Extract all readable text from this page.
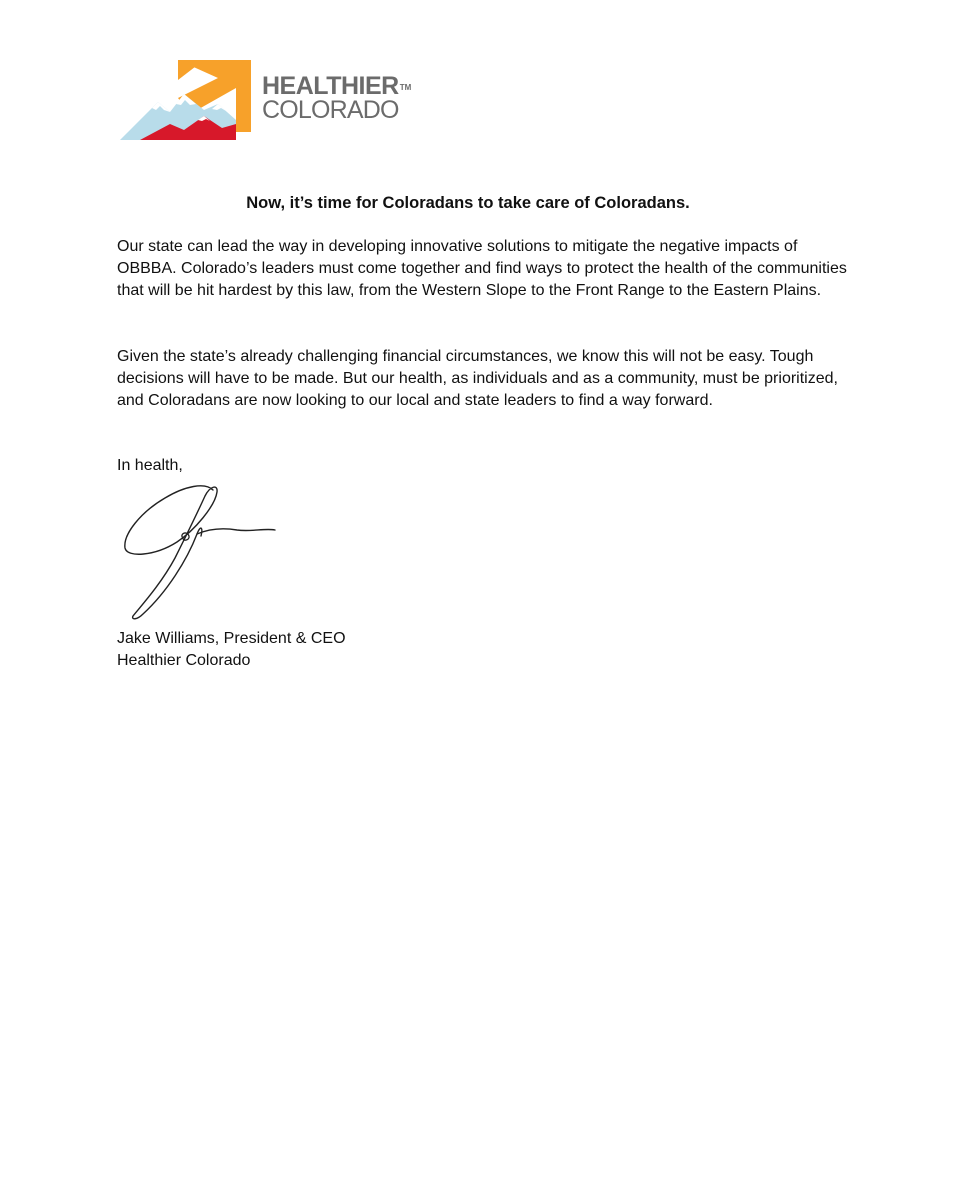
HEALTHIER™
COLORADO

Now, it’s time for Coloradans to take care of Coloradans.

Our state can lead the way in developing innovative solutions to mitigate the negative impacts of OBBBA. Colorado’s leaders must come together and find ways to protect the health of the communities that will be hit hardest by this law, from the Western Slope to the Front Range to the Eastern Plains.

Given the state’s already challenging financial circumstances, we know this will not be easy. Tough decisions will have to be made. But our health, as individuals and as a community, must be prioritized, and Coloradans are now looking to our local and state leaders to find a way forward.

In health,

Jake Williams, President & CEO

Healthier Colorado
